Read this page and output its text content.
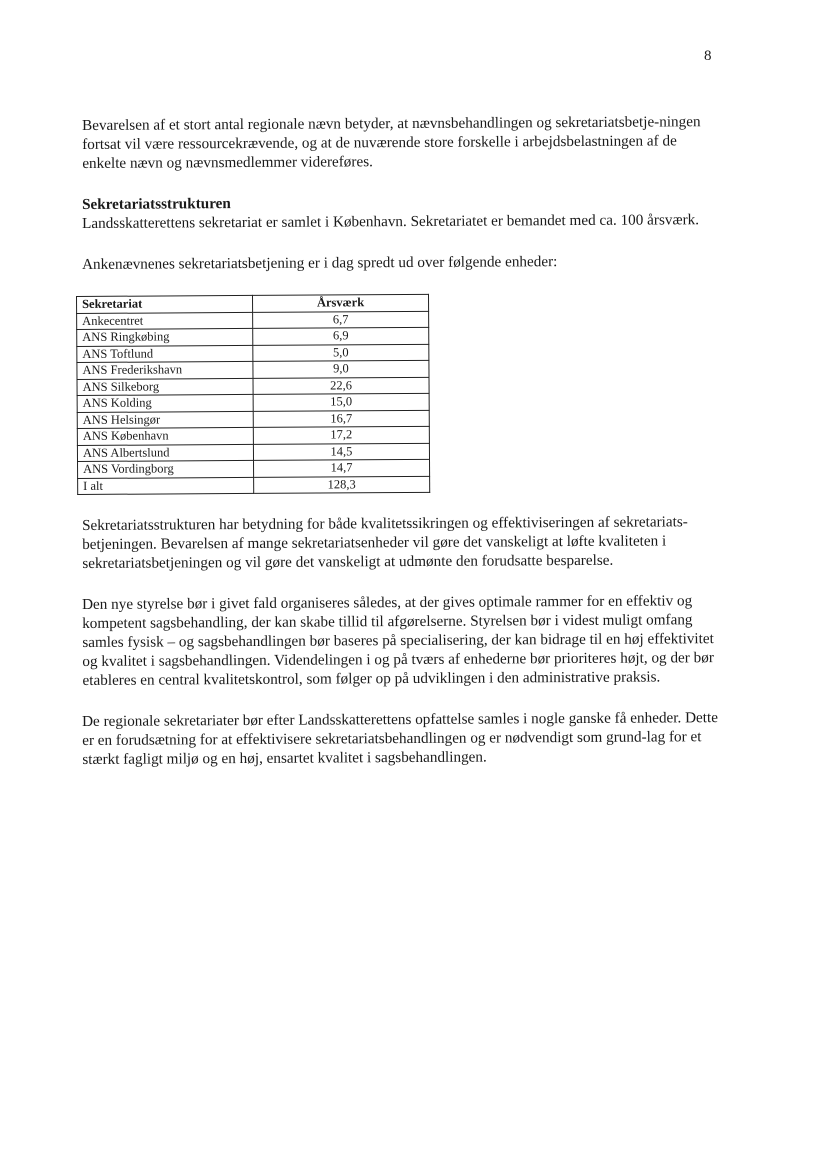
8

Bevarelsen af et stort antal regionale nævn betyder, at nævnsbehandlingen og sekretariatsbetje-ningen fortsat vil være ressourcekrævende, og at de nuværende store forskelle i arbejdsbelastningen af de enkelte nævn og nævnsmedlemmer videreføres.

Sekretariatsstrukturen

Landsskatterettens sekretariat er samlet i København. Sekretariatet er bemandet med ca. 100 årsværk.

Ankenævnenes sekretariatsbetjening er i dag spredt ud over følgende enheder:

Sekretariat	Årsværk
Ankecentret	6,7
ANS Ringkøbing	6,9
ANS Toftlund	5,0
ANS Frederikshavn	9,0
ANS Silkeborg	22,6
ANS Kolding	15,0
ANS Helsingør	16,7
ANS København	17,2
ANS Albertslund	14,5
ANS Vordingborg	14,7
I alt	128,3

Sekretariatsstrukturen har betydning for både kvalitetssikringen og effektiviseringen af sekretariats-betjeningen. Bevarelsen af mange sekretariatsenheder vil gøre det vanskeligt at løfte kvaliteten i sekretariatsbetjeningen og vil gøre det vanskeligt at udmønte den forudsatte besparelse.

Den nye styrelse bør i givet fald organiseres således, at der gives optimale rammer for en effektiv og kompetent sagsbehandling, der kan skabe tillid til afgørelserne. Styrelsen bør i videst muligt omfang samles fysisk – og sagsbehandlingen bør baseres på specialisering, der kan bidrage til en høj effektivitet og kvalitet i sagsbehandlingen. Videndelingen i og på tværs af enhederne bør prioriteres højt, og der bør etableres en central kvalitetskontrol, som følger op på udviklingen i den administrative praksis.

De regionale sekretariater bør efter Landsskatterettens opfattelse samles i nogle ganske få enheder. Dette er en forudsætning for at effektivisere sekretariatsbehandlingen og er nødvendigt som grund-lag for et stærkt fagligt miljø og en høj, ensartet kvalitet i sagsbehandlingen.
